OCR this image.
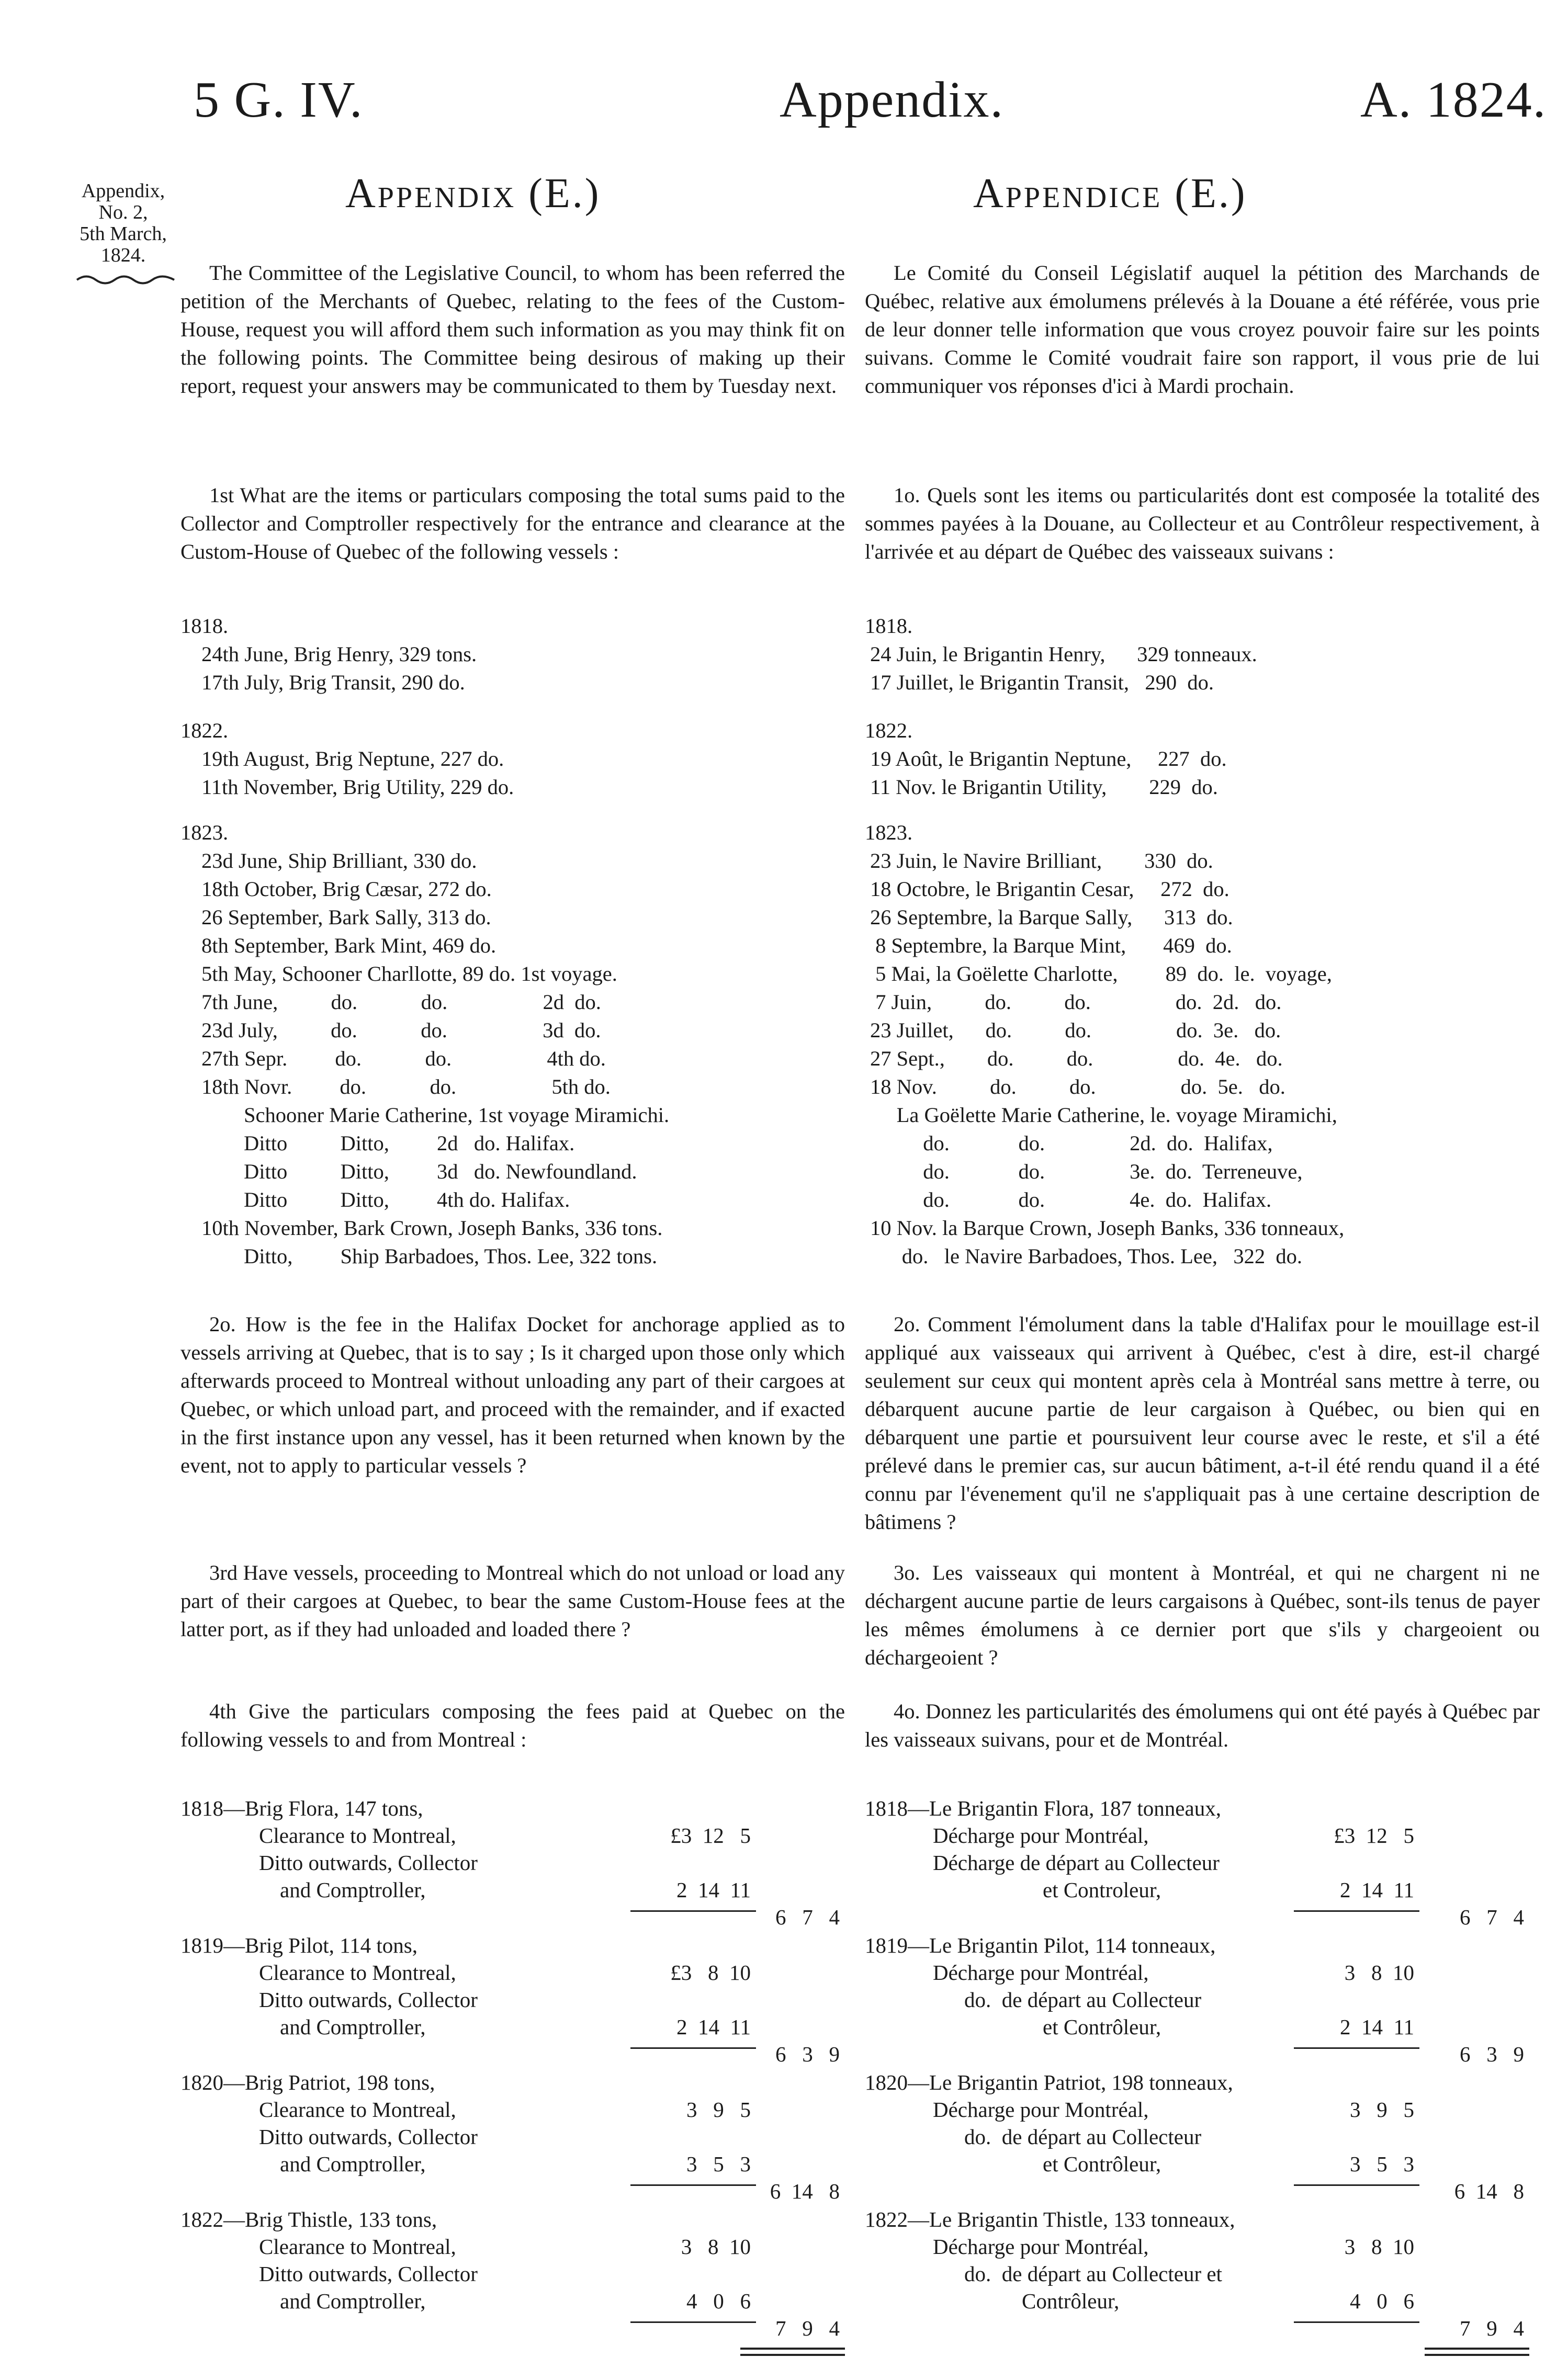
5 G. IV.	Appendix.	A. 1824.
Appendix,
No. 2,
5th March,
1824.
Appendix (E.)	Appendice (E.)
The Committee of the Legislative Council, to whom has been referred the petition of the Merchants of Quebec, relating to the fees of the Custom-House, request you will afford them such information as you may think fit on the following points. The Committee being desirous of making up their report, request your answers may be communicated to them by Tuesday next.
1st What are the items or particulars composing the total sums paid to the Collector and Comptroller respectively for the entrance and clearance at the Custom-House of Quebec of the following vessels :
1818.
24th June, Brig Henry, 329 tons.
17th July, Brig Transit, 290 do.
1822.
19th August, Brig Neptune, 227 do.
11th November, Brig Utility, 229 do.
1823.
23d June, Ship Brilliant, 330 do.
18th October, Brig Cæsar, 272 do.
26 September, Bark Sally, 313 do.
8th September, Bark Mint, 469 do.
5th May, Schooner Charllotte, 89 do. 1st voyage.
7th June,          do.            do.                  2d  do.
23d July,          do.            do.                  3d  do.
27th Sepr.         do.            do.                  4th do.
18th Novr.         do.            do.                  5th do.
Schooner Marie Catherine, 1st voyage Miramichi.
Ditto          Ditto,         2d   do. Halifax.
Ditto          Ditto,         3d   do. Newfoundland.
Ditto          Ditto,         4th do. Halifax.
10th November, Bark Crown, Joseph Banks, 336 tons.
Ditto,         Ship Barbadoes, Thos. Lee, 322 tons.
2o. How is the fee in the Halifax Docket for anchorage applied as to vessels arriving at Quebec, that is to say ; Is it charged upon those only which afterwards proceed to Montreal without unloading any part of their cargoes at Quebec, or which unload part, and proceed with the remainder, and if exacted in the first instance upon any vessel, has it been returned when known by the event, not to apply to particular vessels ?
3rd Have vessels, proceeding to Montreal which do not unload or load any part of their cargoes at Quebec, to bear the same Custom-House fees at the latter port, as if they had unloaded and loaded there ?
4th Give the particulars composing the fees paid at Quebec on the following vessels to and from Montreal :
Le Comité du Conseil Législatif auquel la pétition des Marchands de Québec, relative aux émolumens prélevés à la Douane a été référée, vous prie de leur donner telle information que vous croyez pouvoir faire sur les points suivans. Comme le Comité voudrait faire son rapport, il vous prie de lui communiquer vos réponses d'ici à Mardi prochain.
1o. Quels sont les items ou particularités dont est composée la totalité des sommes payées à la Douane, au Collecteur et au Contrôleur respectivement, à l'arrivée et au départ de Québec des vaisseaux suivans :
1818.
24 Juin, le Brigantin Henry,      329 tonneaux.
17 Juillet, le Brigantin Transit,   290  do.
1822.
19 Août, le Brigantin Neptune,     227  do.
11 Nov. le Brigantin Utility,        229  do.
1823.
23 Juin, le Navire Brilliant,        330  do.
18 Octobre, le Brigantin Cesar,     272  do.
26 Septembre, la Barque Sally,      313  do.
8 Septembre, la Barque Mint,       469  do.
5 Mai, la Goëlette Charlotte,         89  do.  le.  voyage,
7 Juin,          do.          do.                do.  2d.   do.
23 Juillet,      do.          do.                do.  3e.   do.
27 Sept.,        do.          do.                do.  4e.   do.
18 Nov.          do.          do.                do.  5e.   do.
La Goëlette Marie Catherine, le. voyage Miramichi,
do.             do.                2d.  do.  Halifax,
do.             do.                3e.  do.  Terreneuve,
do.             do.                4e.  do.  Halifax.
10 Nov. la Barque Crown, Joseph Banks, 336 tonneaux,
do.   le Navire Barbadoes, Thos. Lee,   322  do.
2o. Comment l'émolument dans la table d'Halifax pour le mouillage est-il appliqué aux vaisseaux qui arrivent à Québec, c'est à dire, est-il chargé seulement sur ceux qui montent après cela à Montréal sans mettre à terre, ou débarquent aucune partie de leur cargaison à Québec, ou bien qui en débarquent une partie et poursuivent leur course avec le reste, et s'il a été prélevé dans le premier cas, sur aucun bâtiment, a-t-il été rendu quand il a été connu par l'évenement qu'il ne s'appliquait pas à une certaine description de bâtimens ?
3o. Les vaisseaux qui montent à Montréal, et qui ne chargent ni ne déchargent aucune partie de leurs cargaisons à Québec, sont-ils tenus de payer les mêmes émolumens à ce dernier port que s'ils y chargeoient ou déchargeoient ?
4o. Donnez les particularités des émolumens qui ont été payés à Québec par les vaisseaux suivans, pour et de Montréal.
1818—Brig Flora, 147 tons,
Clearance to Montreal,	£3  12   5
Ditto outwards, Collector
and Comptroller,	2  14  11
6   7   4
1819—Brig Pilot, 114 tons,
Clearance to Montreal,	£3   8  10
Ditto outwards, Collector
and Comptroller,	2  14  11
6   3   9
1820—Brig Patriot, 198 tons,
Clearance to Montreal,	3   9   5
Ditto outwards, Collector
and Comptroller,	3   5   3
6  14   8
1822—Brig Thistle, 133 tons,
Clearance to Montreal,	3   8  10
Ditto outwards, Collector
and Comptroller,	4   0   6
7   9   4
1818—Le Brigantin Flora, 187 tonneaux,
Décharge pour Montréal,	£3  12   5
Décharge de départ au Collecteur
et Controleur,	2  14  11
6   7   4
1819—Le Brigantin Pilot, 114 tonneaux,
Décharge pour Montréal,	3   8  10
do.  de départ au Collecteur
et Contrôleur,	2  14  11
6   3   9
1820—Le Brigantin Patriot, 198 tonneaux,
Décharge pour Montréal,	3   9   5
do.  de départ au Collecteur
et Contrôleur,	3   5   3
6  14   8
1822—Le Brigantin Thistle, 133 tonneaux,
Décharge pour Montréal,	3   8  10
do.  de départ au Collecteur et
Contrôleur,	4   0   6
7   9   4
